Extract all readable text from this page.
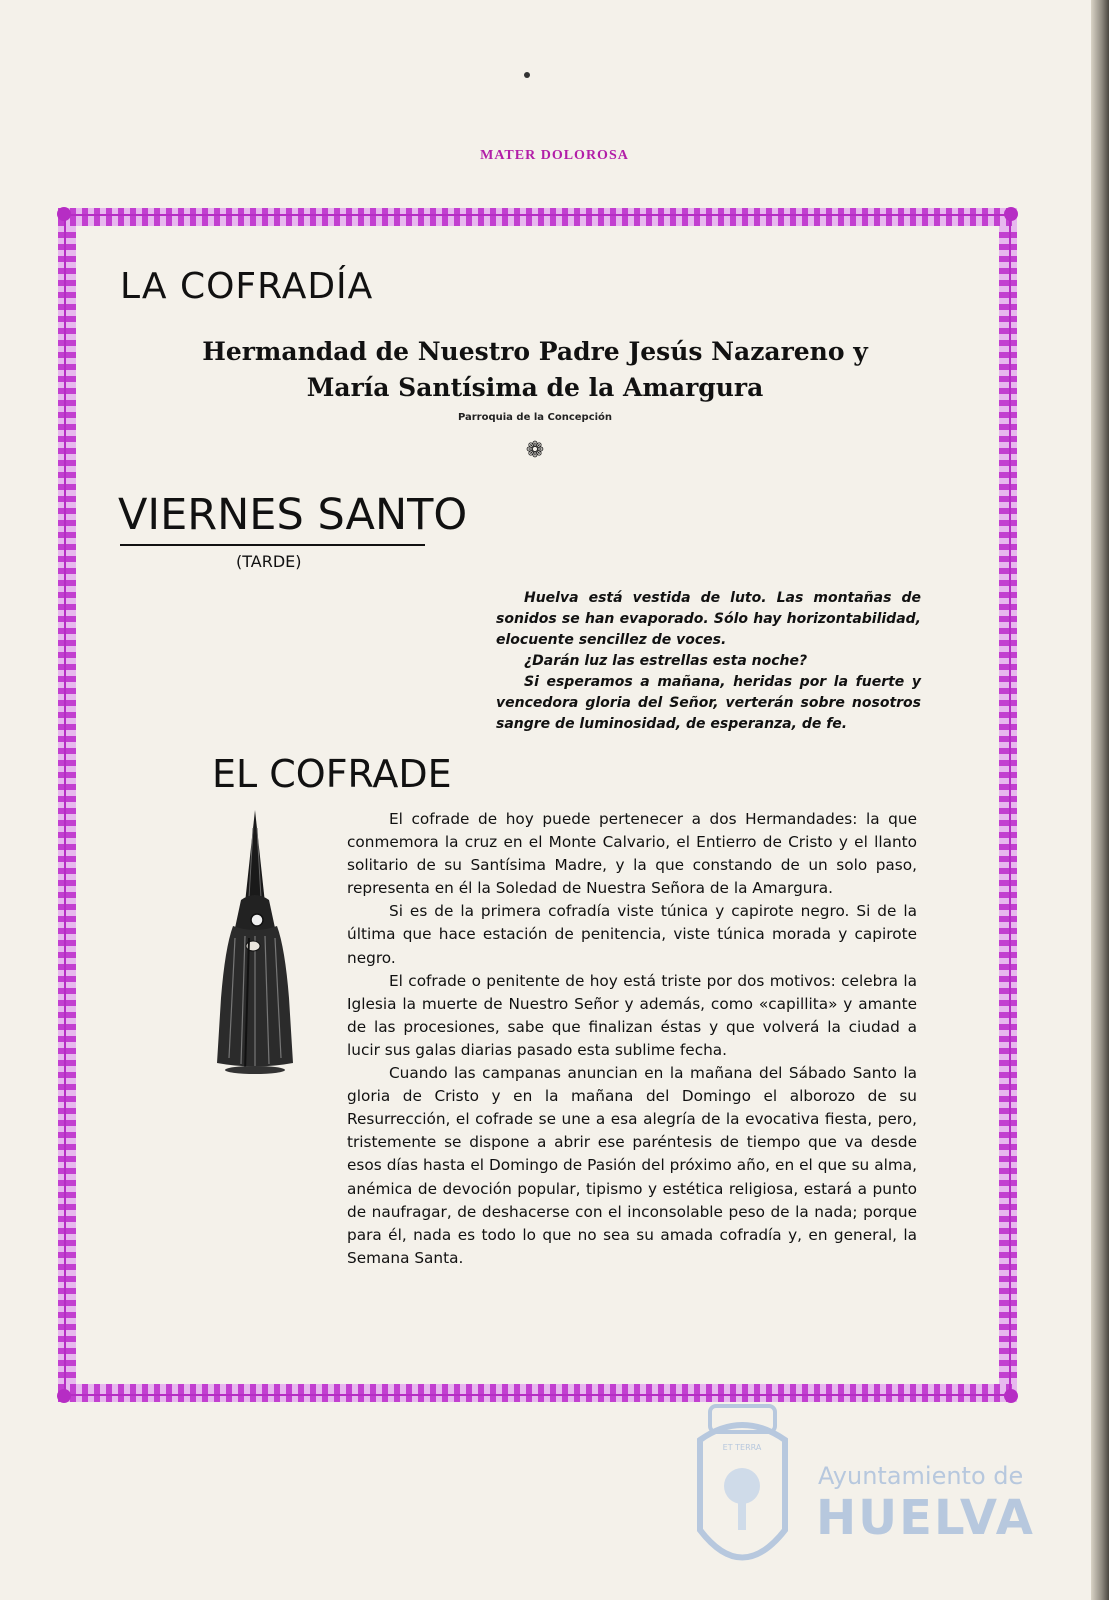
MATER DOLOROSA
LA COFRADÍA
Hermandad de Nuestro Padre Jesús Nazareno y
María Santísima de la Amargura
Parroquia de la Concepción
❁
VIERNES SANTO
(TARDE)

Huelva está vestida de luto. Las montañas de sonidos se han evaporado. Sólo hay horizontabilidad, elocuente sencillez de voces.

¿Darán luz las estrellas esta noche?

Si esperamos a mañana, heridas por la fuerte y vencedora gloria del Señor, verterán sobre nosotros sangre de luminosidad, de esperanza, de fe.

EL COFRADE

El cofrade de hoy puede pertenecer a dos Hermandades: la que conmemora la cruz en el Monte Calvario, el Entierro de Cristo y el llanto solitario de su Santísima Madre, y la que constando de un solo paso, representa en él la Soledad de Nuestra Señora de la Amargura.

Si es de la primera cofradía viste túnica y capirote negro. Si de la última que hace estación de penitencia, viste túnica morada y capirote negro.

El cofrade o penitente de hoy está triste por dos motivos: celebra la Iglesia la muerte de Nuestro Señor y además, como «capillita» y amante de las procesiones, sabe que finalizan éstas y que volverá la ciudad a lucir sus galas diarias pasado esta sublime fecha.

Cuando las campanas anuncian en la mañana del Sábado Santo la gloria de Cristo y en la mañana del Domingo el alborozo de su Resurrección, el cofrade se une a esa alegría de la evocativa fiesta, pero, tristemente se dispone a abrir ese paréntesis de tiempo que va desde esos días hasta el Domingo de Pasión del próximo año, en el que su alma, anémica de devoción popular, tipismo y estética religiosa, estará a punto de naufragar, de deshacerse con el inconsolable peso de la nada; porque para él, nada es todo lo que no sea su amada cofradía y, en general, la Semana Santa.

ET TERRA
Ayuntamiento de
HUELVA
